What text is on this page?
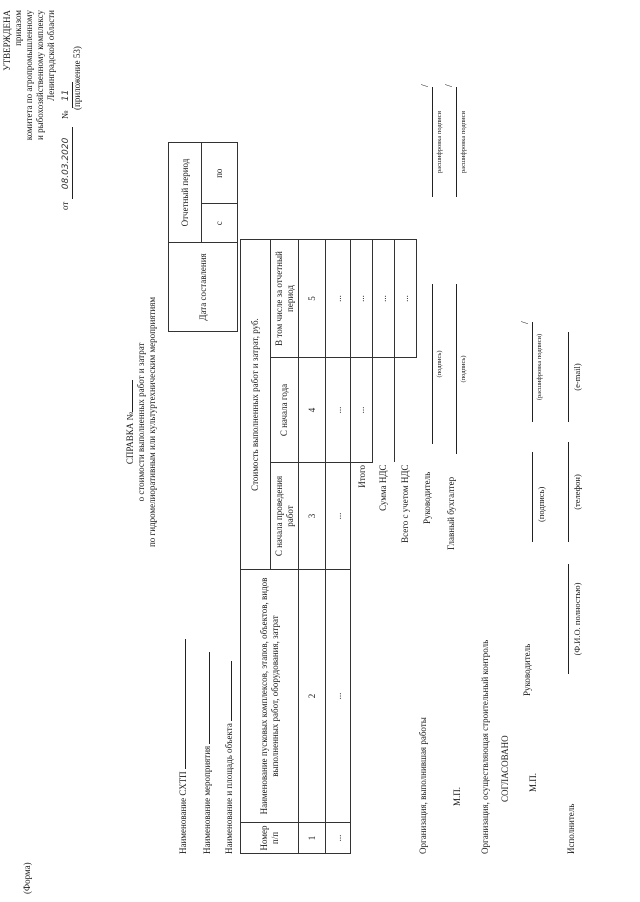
(Форма)
УТВЕРЖДЕНА приказом комитета по агропромышленному и рыбохозяйственному комплексу Ленинградской области
от 08.03.2020 № 11 (приложение 53)
Дата составления	Отчетный период	
	с	по
СПРАВКА № о стоимости выполненных работ и затрат по гидромелиоративным или культуртехническим мероприятиям
Наименование СХТП Наименование мероприятия Наименование и площадь объекта	Номер п/п	Наименование пусковых комплексов, этапов, объектов, видов выполненных работ, оборудования, затрат	Стоимость выполненных работ и затрат, руб.		
		С начала проведения работ	С начала года	В том числе за отчетный период
1	2	3	4	5
...	...	...	...	...
Итого			...	...
Сумма НДС				...
Всего с учетом НДС				...
Организация, выполнившая работы
Руководитель
(подпись)
/
расшифровка подписи
М.П.
Главный бухгалтер
(подпись)
/
расшифровка подписи
Организация, осуществляющая строительный контроль СОГЛАСОВАНО
Руководитель
М.П.
(подпись)
/
(расшифровка подписи)
Исполнитель
(Ф.И.О. полностью)
(телефон)
(e-mail)
